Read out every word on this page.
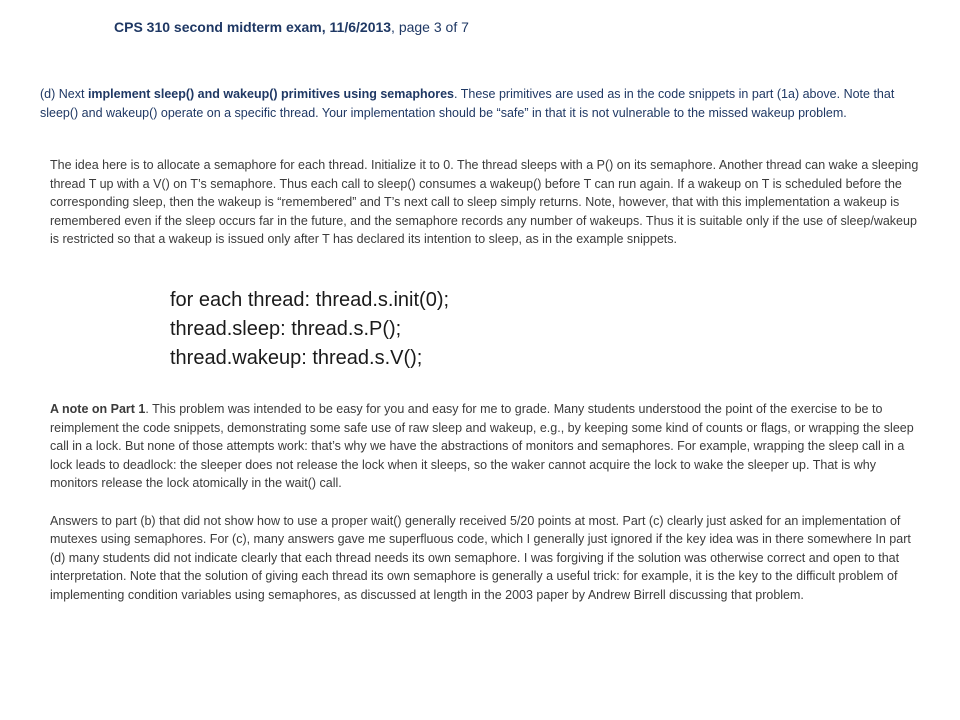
CPS 310 second midterm exam, 11/6/2013, page 3 of 7
(d) Next implement sleep() and wakeup() primitives using semaphores. These primitives are used as in the code snippets in part (1a) above. Note that sleep() and wakeup() operate on a specific thread. Your implementation should be “safe” in that it is not vulnerable to the missed wakeup problem.
The idea here is to allocate a semaphore for each thread. Initialize it to 0. The thread sleeps with a P() on its semaphore. Another thread can wake a sleeping thread T up with a V() on T’s semaphore. Thus each call to sleep() consumes a wakeup() before T can run again. If a wakeup on T is scheduled before the corresponding sleep, then the wakeup is “remembered” and T’s next call to sleep simply returns. Note, however, that with this implementation a wakeup is remembered even if the sleep occurs far in the future, and the semaphore records any number of wakeups. Thus it is suitable only if the use of sleep/wakeup is restricted so that a wakeup is issued only after T has declared its intention to sleep, as in the example snippets.
for each thread: thread.s.init(0);
thread.sleep: thread.s.P();
thread.wakeup: thread.s.V();

A note on Part 1. This problem was intended to be easy for you and easy for me to grade. Many students understood the point of the exercise to be to reimplement the code snippets, demonstrating some safe use of raw sleep and wakeup, e.g., by keeping some kind of counts or flags, or wrapping the sleep call in a lock. But none of those attempts work: that’s why we have the abstractions of monitors and semaphores. For example, wrapping the sleep call in a lock leads to deadlock: the sleeper does not release the lock when it sleeps, so the waker cannot acquire the lock to wake the sleeper up. That is why monitors release the lock atomically in the wait() call.

Answers to part (b) that did not show how to use a proper wait() generally received 5/20 points at most. Part (c) clearly just asked for an implementation of mutexes using semaphores. For (c), many answers gave me superfluous code, which I generally just ignored if the key idea was in there somewhere In part (d) many students did not indicate clearly that each thread needs its own semaphore. I was forgiving if the solution was otherwise correct and open to that interpretation. Note that the solution of giving each thread its own semaphore is generally a useful trick: for example, it is the key to the difficult problem of implementing condition variables using semaphores, as discussed at length in the 2003 paper by Andrew Birrell discussing that problem.
